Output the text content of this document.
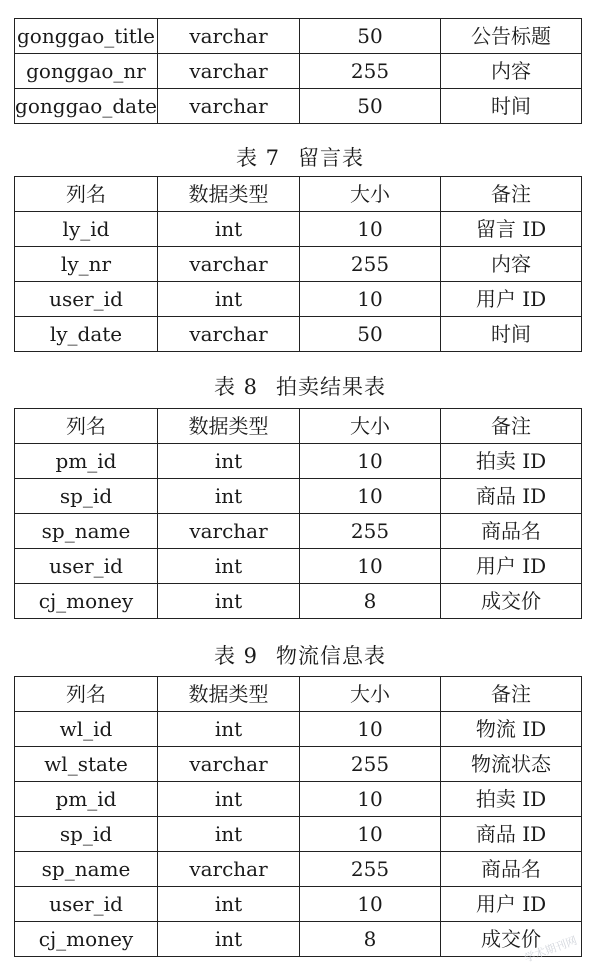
gonggao_title	varchar	50	公告标题
gonggao_nr	varchar	255	内容
gonggao_date	varchar	50	时间
表 7 留言表
列名	数据类型	大小	备注
ly_id	int	10	留言 ID
ly_nr	varchar	255	内容
user_id	int	10	用户 ID
ly_date	varchar	50	时间
表 8 拍卖结果表
列名	数据类型	大小	备注
pm_id	int	10	拍卖 ID
sp_id	int	10	商品 ID
sp_name	varchar	255	商品名
user_id	int	10	用户 ID
cj_money	int	8	成交价
表 9 物流信息表
列名	数据类型	大小	备注
wl_id	int	10	物流 ID
wl_state	varchar	255	物流状态
pm_id	int	10	拍卖 ID
sp_id	int	10	商品 ID
sp_name	varchar	255	商品名
user_id	int	10	用户 ID
cj_money	int	8	成交价
学术期刊网
